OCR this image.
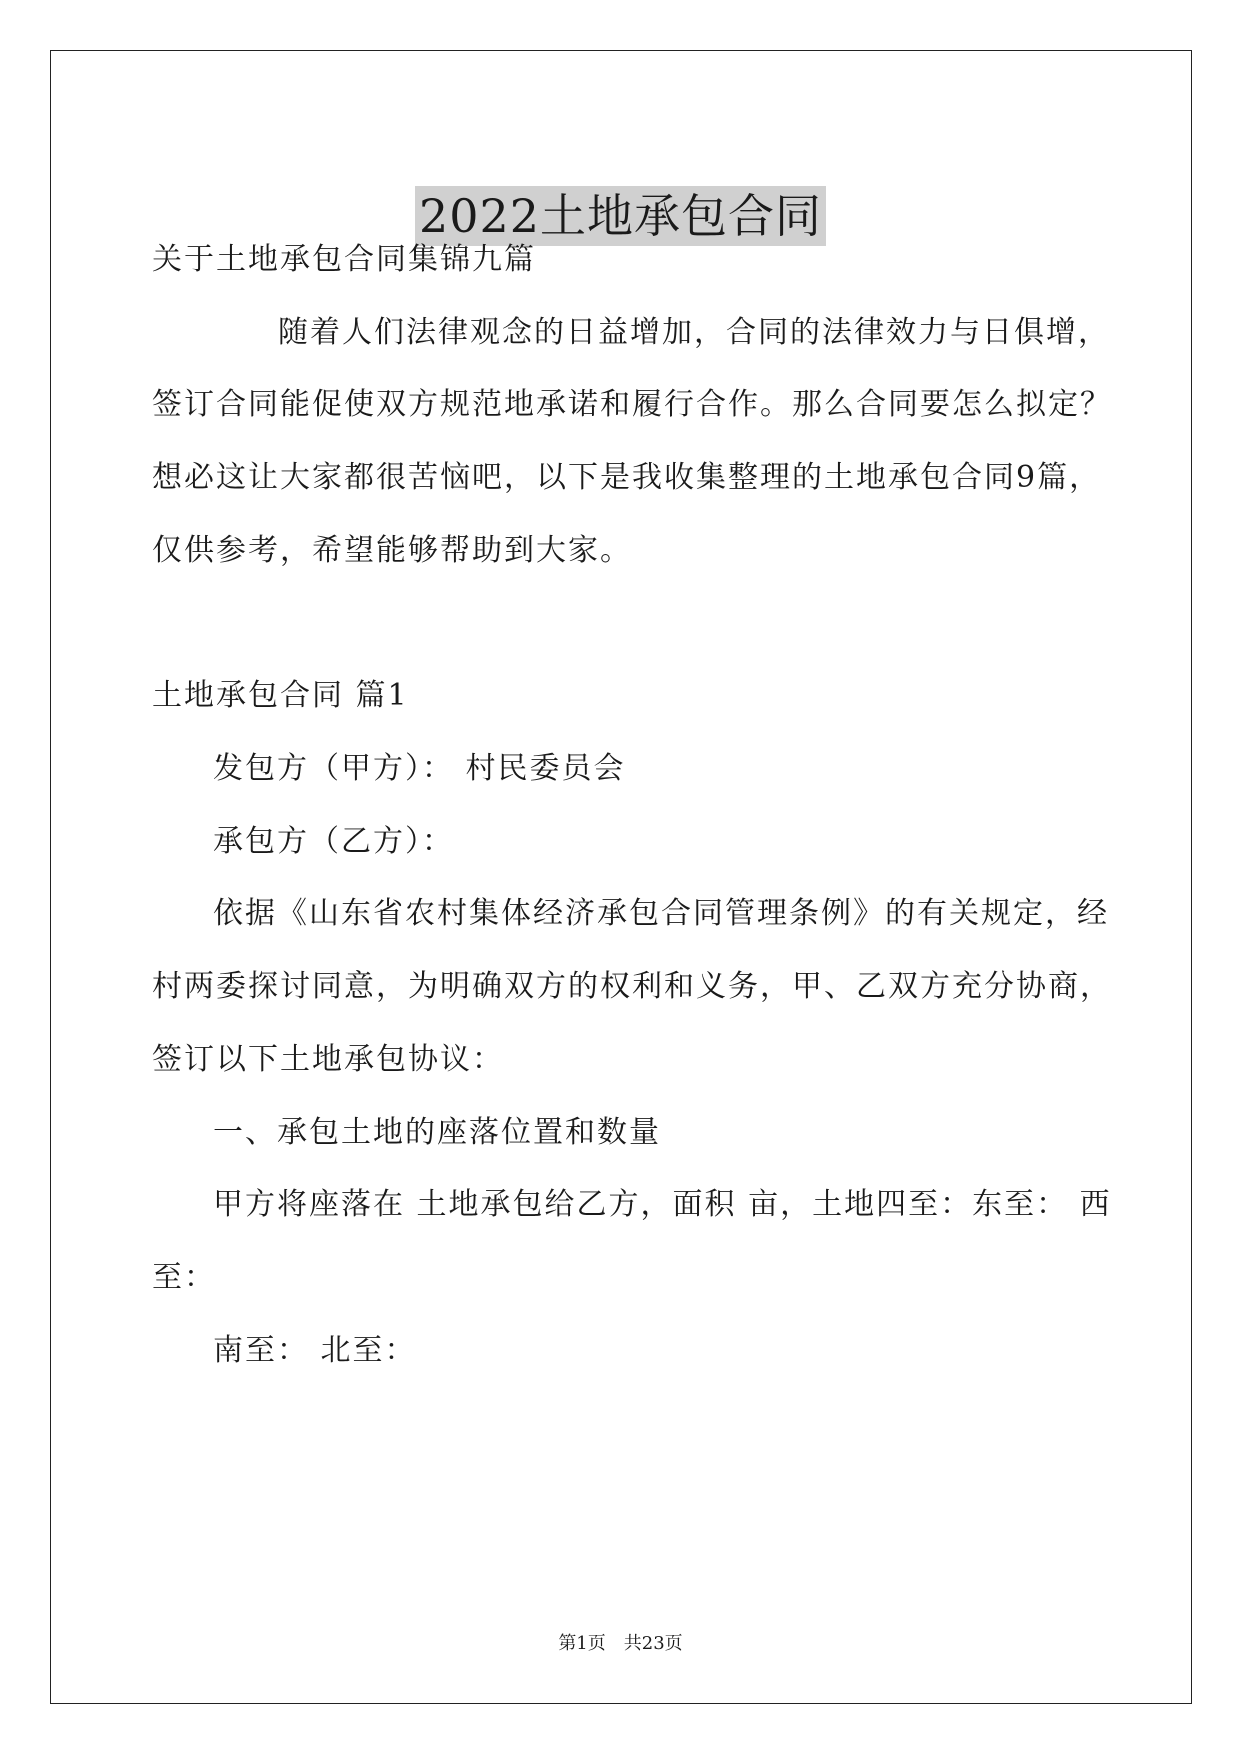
2022土地承包合同
关于土地承包合同集锦九篇
随着人们法律观念的日益增加，合同的法律效力与日俱增，
签订合同能促使双方规范地承诺和履行合作。那么合同要怎么拟定？
想必这让大家都很苦恼吧，以下是我收集整理的土地承包合同9篇，
仅供参考，希望能够帮助到大家。
土地承包合同 篇1
发包方（甲方）： 村民委员会
承包方（乙方）：
依据《山东省农村集体经济承包合同管理条例》的有关规定，经
村两委探讨同意，为明确双方的权利和义务，甲、乙双方充分协商，
签订以下土地承包协议：
一、承包土地的座落位置和数量
甲方将座落在 土地承包给乙方，面积 亩，土地四至：东至： 西
至：
南至： 北至：
第1页　共23页
